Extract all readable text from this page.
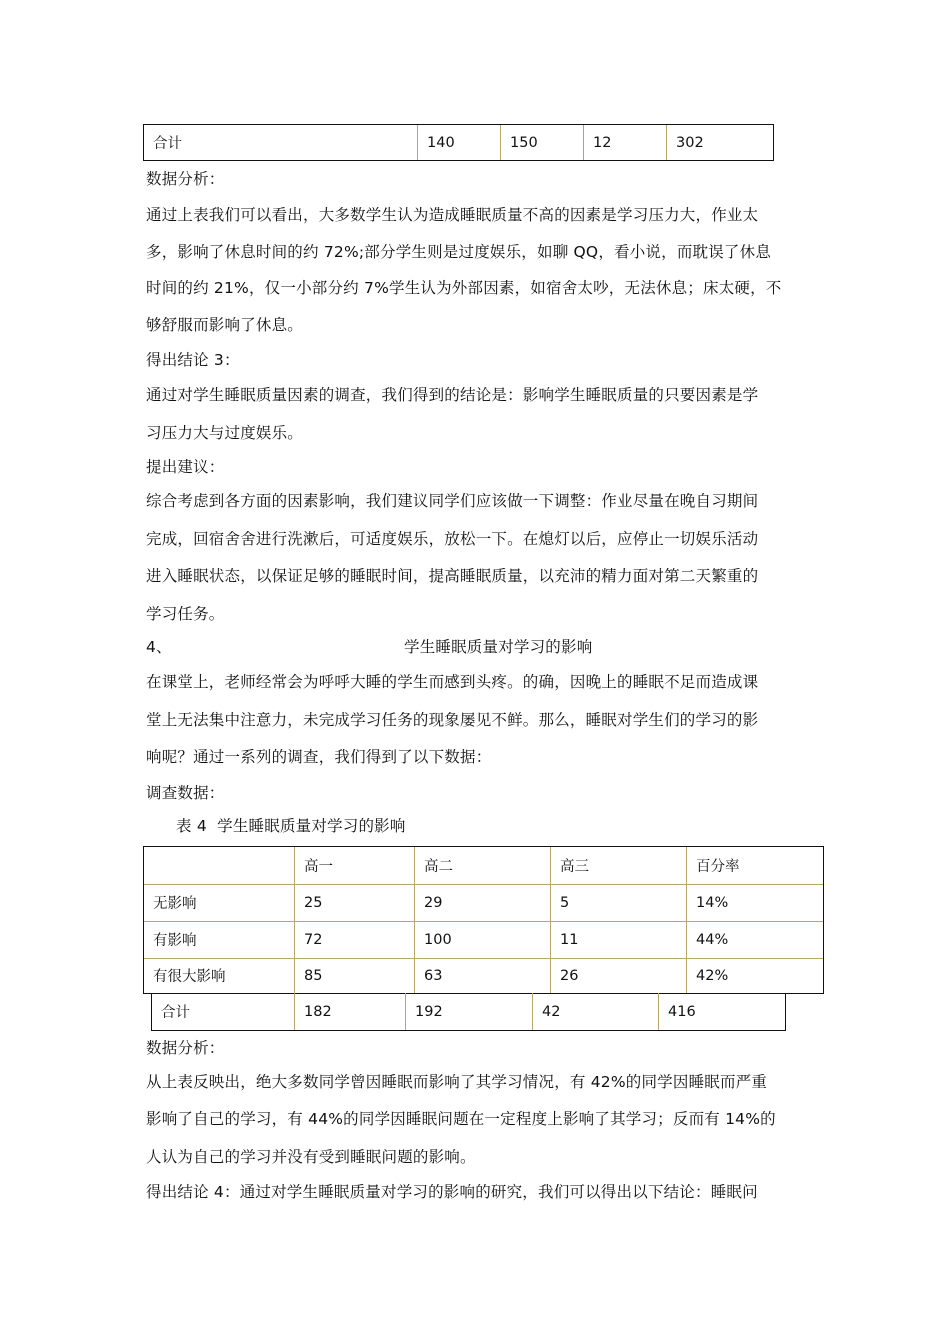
合计	140	150	12	302
数据分析：
通过上表我们可以看出，大多数学生认为造成睡眠质量不高的因素是学习压力大，作业太
多，影响了休息时间的约 72%;部分学生则是过度娱乐，如聊 QQ，看小说，而耽误了休息
时间的约 21%，仅一小部分约 7%学生认为外部因素，如宿舍太吵，无法休息；床太硬，不
够舒服而影响了休息。
得出结论 3：
通过对学生睡眠质量因素的调查，我们得到的结论是：影响学生睡眠质量的只要因素是学
习压力大与过度娱乐。
提出建议：
综合考虑到各方面的因素影响，我们建议同学们应该做一下调整：作业尽量在晚自习期间
完成，回宿舍舍进行洗漱后，可适度娱乐，放松一下。在熄灯以后，应停止一切娱乐活动
进入睡眠状态，以保证足够的睡眠时间，提高睡眠质量，以充沛的精力面对第二天繁重的
学习任务。
4、	学生睡眠质量对学习的影响
在课堂上，老师经常会为呼呼大睡的学生而感到头疼。的确，因晚上的睡眠不足而造成课
堂上无法集中注意力，未完成学习任务的现象屡见不鲜。那么，睡眠对学生们的学习的影
响呢？通过一系列的调查，我们得到了以下数据：
调查数据：
表 4  学生睡眠质量对学习的影响
高一	高二	高三	百分率
无影响	25	29	5	14%
有影响	72	100	11	44%
有很大影响	85	63	26	42%
合计	182	192	42	416
数据分析：
从上表反映出，绝大多数同学曾因睡眠而影响了其学习情况，有 42%的同学因睡眠而严重
影响了自己的学习，有 44%的同学因睡眠问题在一定程度上影响了其学习；反而有 14%的
人认为自己的学习并没有受到睡眠问题的影响。
得出结论 4：通过对学生睡眠质量对学习的影响的研究，我们可以得出以下结论：睡眠问
